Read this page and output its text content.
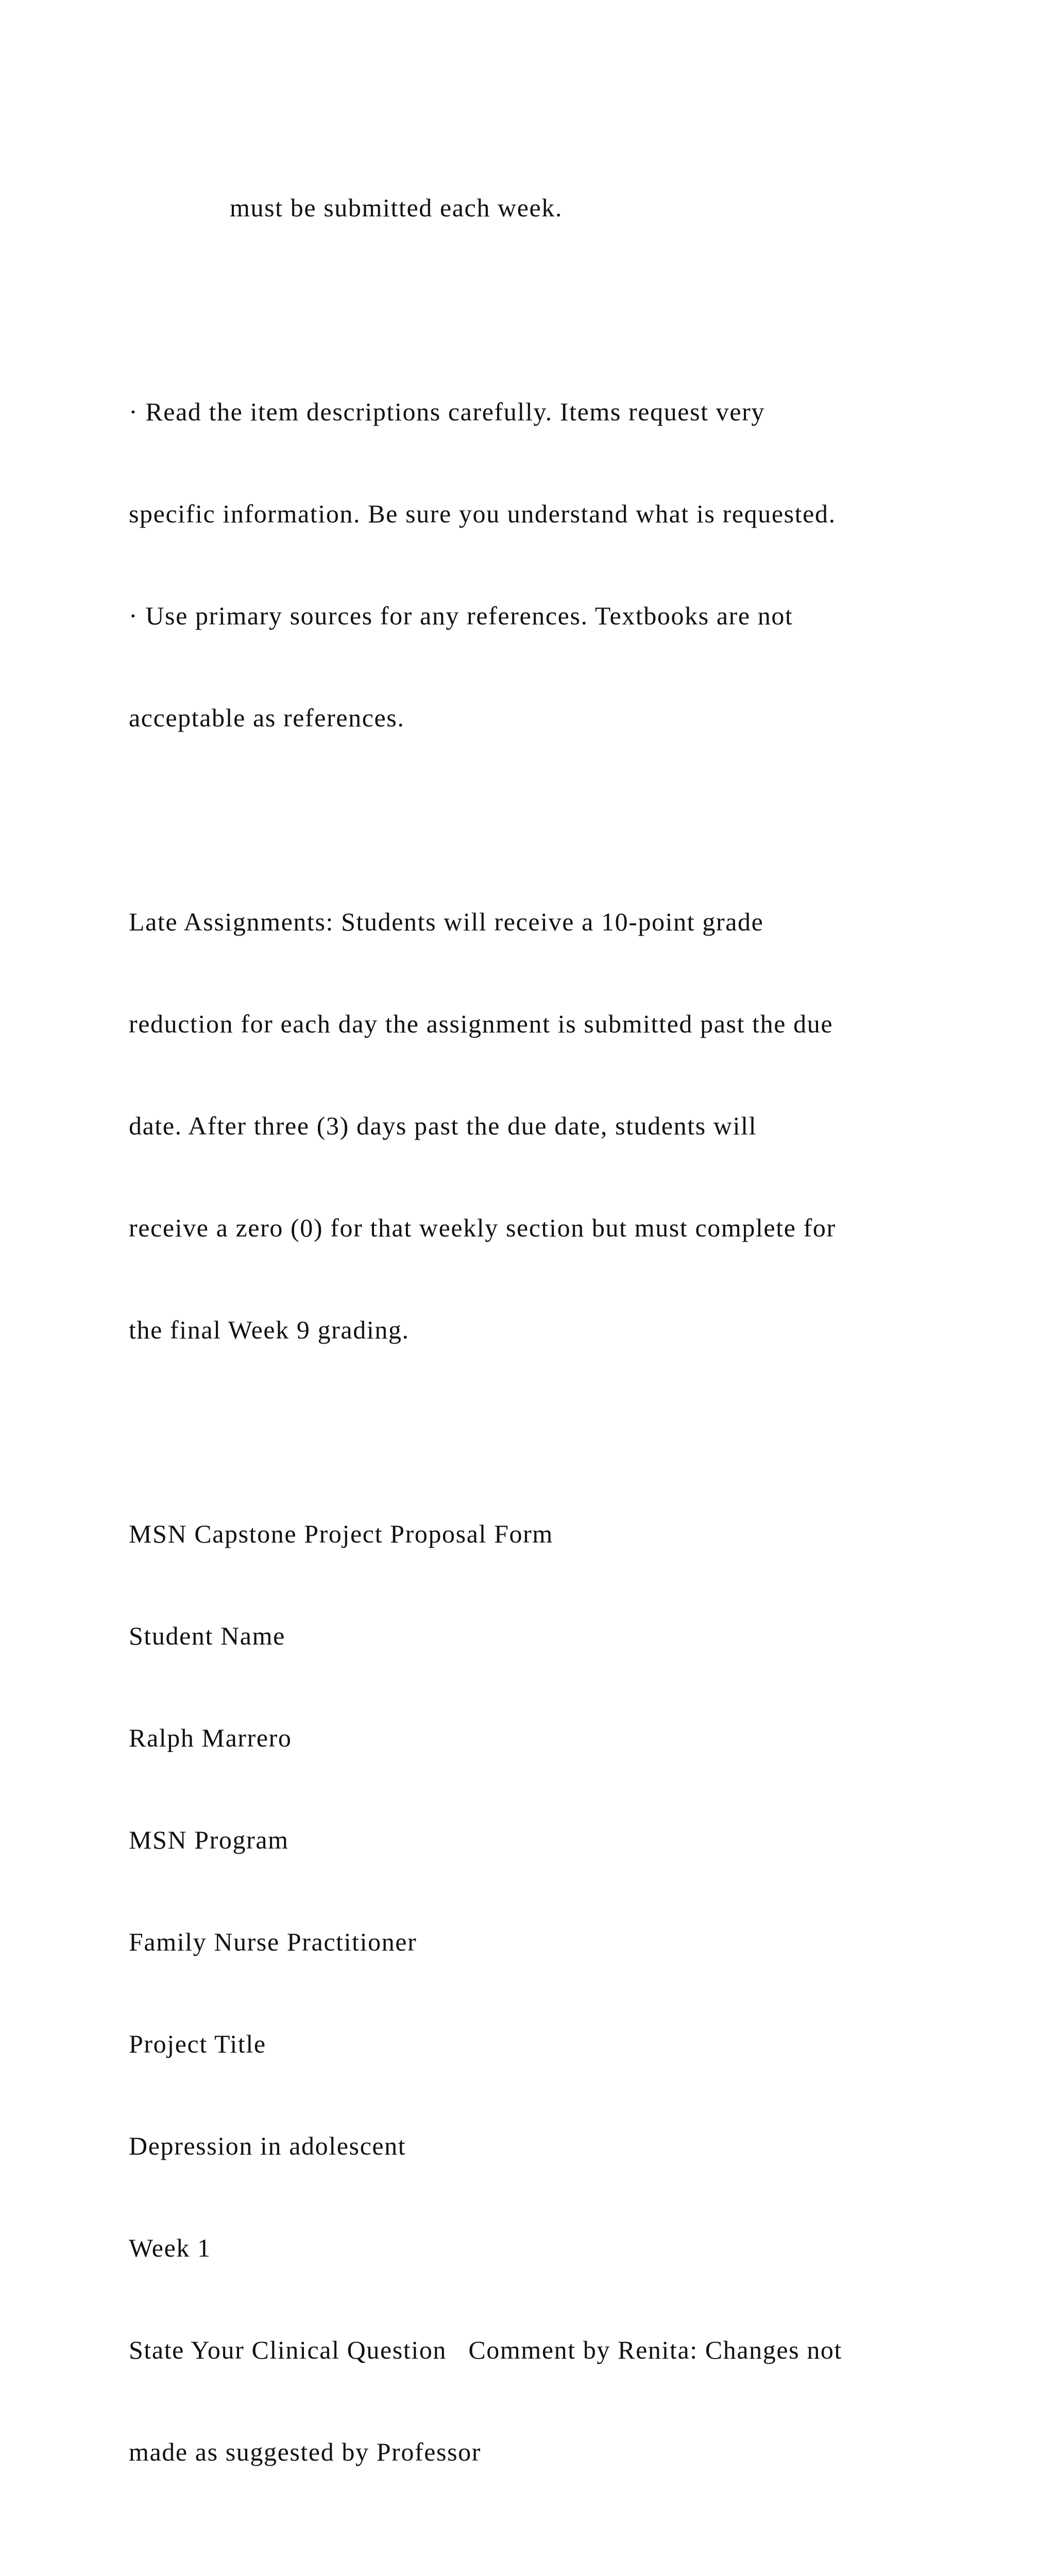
must be submitted each week.

· Read the item descriptions carefully. Items request very

specific information. Be sure you understand what is requested.

· Use primary sources for any references. Textbooks are not

acceptable as references.

Late Assignments: Students will receive a 10-point grade

reduction for each day the assignment is submitted past the due

date. After three (3) days past the due date, students will

receive a zero (0) for that weekly section but must complete for

the final Week 9 grading.

MSN Capstone Project Proposal Form

Student Name

Ralph Marrero

MSN Program

Family Nurse Practitioner

Project Title

Depression in adolescent

Week 1

State Your Clinical Question   Comment by Renita: Changes not

made as suggested by Professor
